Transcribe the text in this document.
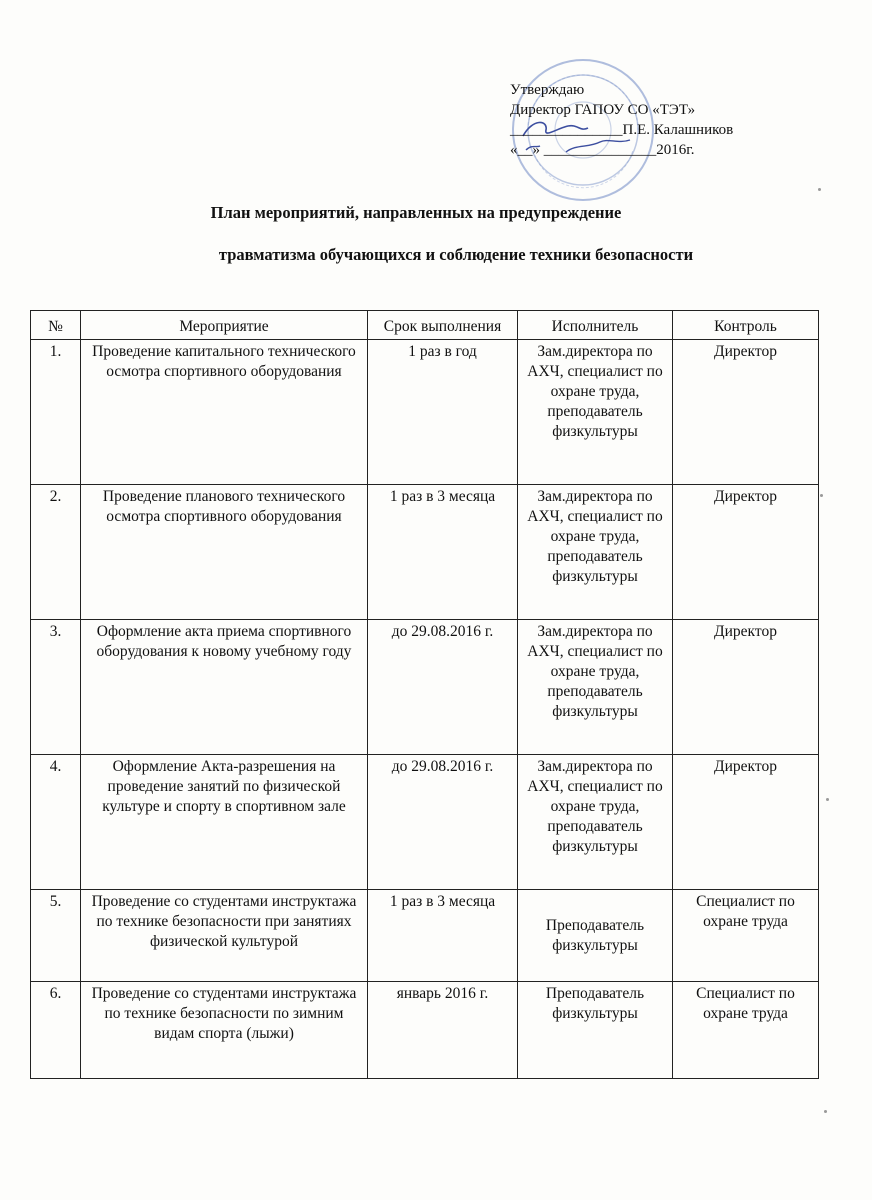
Утверждаю
Директор ГАПОУ СО «ТЭТ»
_______________П.Е. Калашников
«__» _______________2016г.
План мероприятий, направленных на предупреждение
травматизма обучающихся и соблюдение техники безопасности
№	Мероприятие	Срок выполнения	Исполнитель	Контроль
1.	Проведение капитального технического осмотра спортивного оборудования	1 раз в год	Зам.директора по АХЧ, специалист по охране труда, преподаватель физкультуры	Директор
2.	Проведение планового технического осмотра спортивного оборудования	1 раз в 3 месяца	Зам.директора по АХЧ, специалист по охране труда, преподаватель физкультуры	Директор
3.	Оформление акта приема спортивного оборудования к новому учебному году	до 29.08.2016 г.	Зам.директора по АХЧ, специалист по охране труда, преподаватель физкультуры	Директор
4.	Оформление Акта-разрешения на проведение занятий по физической культуре и спорту в спортивном зале	до 29.08.2016 г.	Зам.директора по АХЧ, специалист по охране труда, преподаватель физкультуры	Директор
5.	Проведение со студентами инструктажа по технике безопасности при занятиях физической культурой	1 раз в 3 месяца	Преподаватель физкультуры	Специалист по охране труда
6.	Проведение со студентами инструктажа по технике безопасности по зимним видам спорта (лыжи)	январь 2016 г.	Преподаватель физкультуры	Специалист по охране труда
